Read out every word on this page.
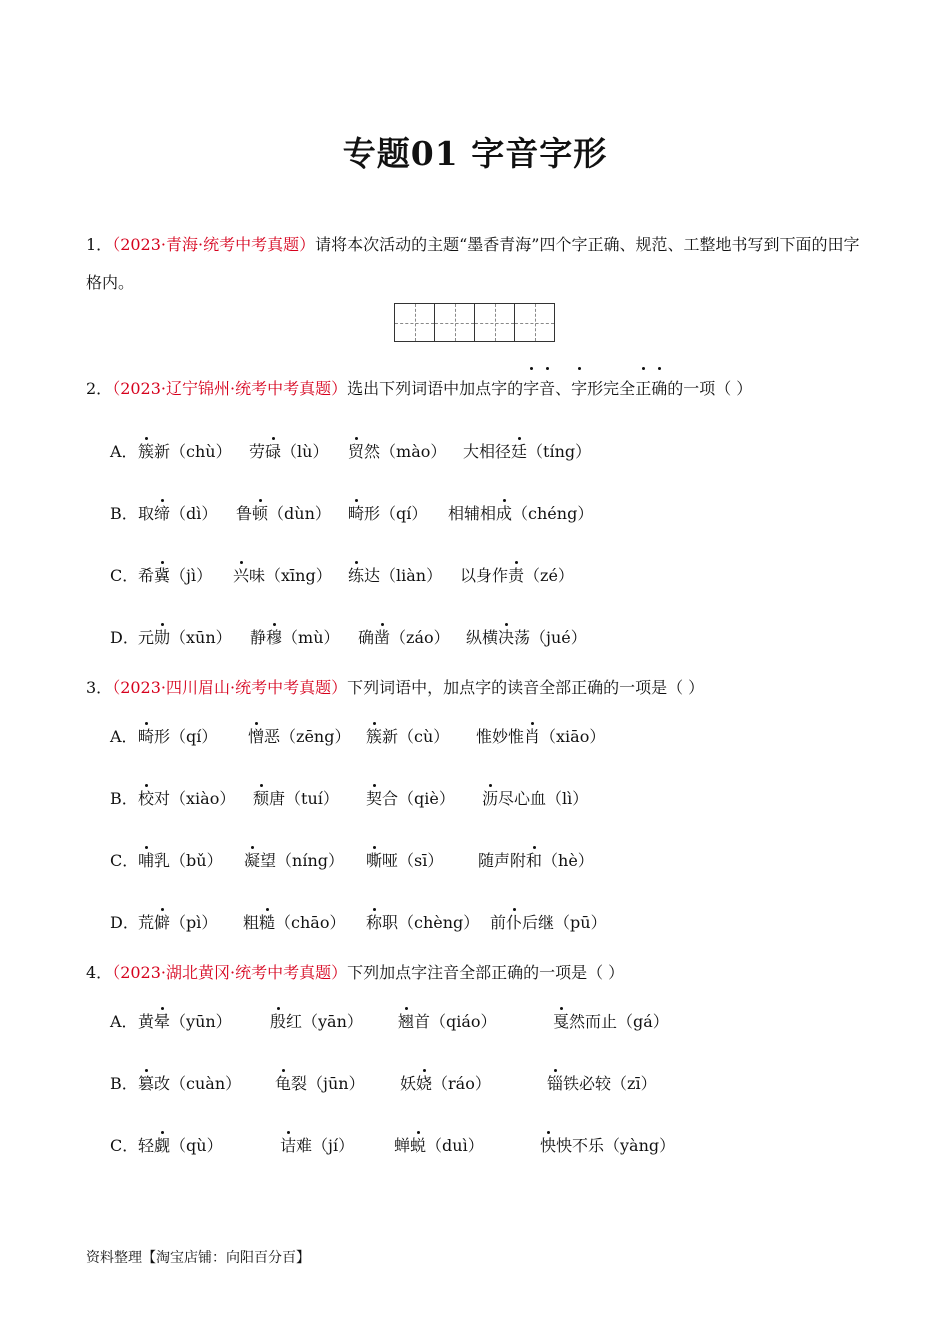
专题01 字音字形
1．（2023·青海·统考中考真题）请将本次活动的主题“墨香青海”四个字正确、规范、工整地书写到下面的田字格内。
2．（2023·辽宁锦州·统考中考真题）选出下列词语中加点字的字音、字形完全正确的一项（ ）
3．（2023·四川眉山·统考中考真题）下列词语中，加点字的读音全部正确的一项是（ ）
4．（2023·湖北黄冈·统考中考真题）下列加点字注音全部正确的一项是（ ）
A． 簇新（chù） 劳碌（lù） 贸然（mào） 大相径廷（tíng）
B． 取缔（dì） 鲁顿（dùn） 畸形（qí） 相辅相成（chéng）
C． 希冀（jì） 兴味（xīng） 练达（liàn） 以身作责（zé）
D． 元勋（xūn） 静穆（mù） 确凿（záo） 纵横决荡（jué）
A． 畸形（qí） 憎恶（zēng） 簇新（cù） 惟妙惟肖（xiāo）
B． 校对（xiào） 颓唐（tuí） 契合（qiè） 沥尽心血（lì）
C． 哺乳（bǔ） 凝望（níng） 嘶哑（sī） 随声附和（hè）
D． 荒僻（pì） 粗糙（chāo） 称职（chèng） 前仆后继（pū）
A． 黄晕（yūn） 殷红（yān） 翘首（qiáo）	戛然而止（gá）
B． 篡改（cuàn） 龟裂（jūn） 妖娆（ráo）	锱铁必较（zī）
C． 轻觑（qù）	诘难（jí） 蝉蜕（duì）	怏怏不乐（yàng）
资料整理【淘宝店铺：向阳百分百】
